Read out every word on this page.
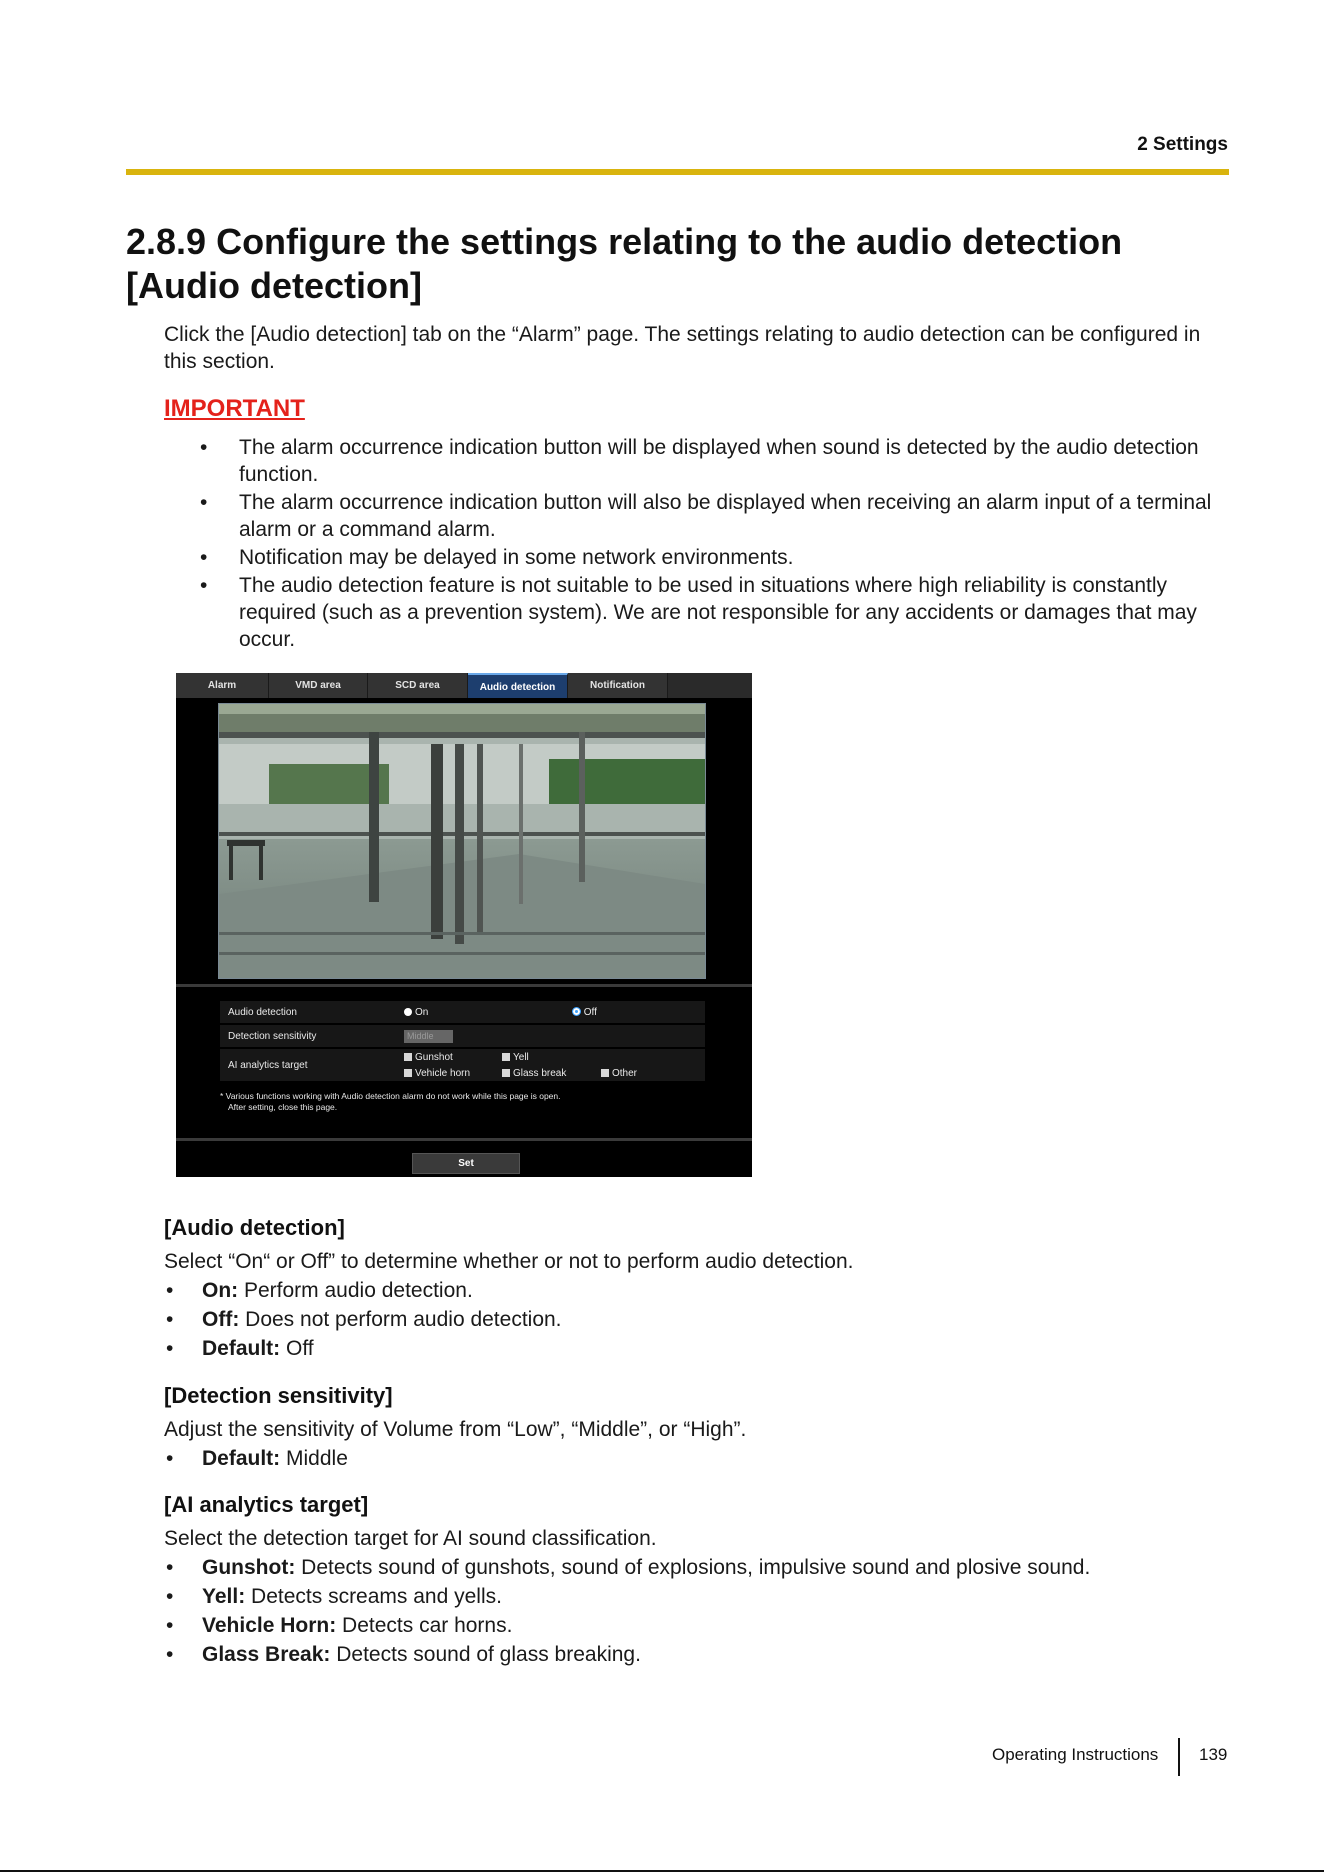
2 Settings
2.8.9 Configure the settings relating to the audio detection [Audio detection]

Click the [Audio detection] tab on the “Alarm” page. The settings relating to audio detection can be configured in this section.

IMPORTANT

• The alarm occurrence indication button will be displayed when sound is detected by the audio detection function.
• The alarm occurrence indication button will also be displayed when receiving an alarm input of a terminal alarm or a command alarm.
• Notification may be delayed in some network environments.
• The audio detection feature is not suitable to be used in situations where high reliability is constantly required (such as a prevention system). We are not responsible for any accidents or damages that may occur.
Alarm	VMD area	SCD area	Audio detection	Notification
Audio detection	On Off
Detection sensitivity	Middle
AI analytics target	Gunshot Yell
Vehicle horn Glass break Other

* Various functions working with Audio detection alarm do not work while this page is open.
After setting, close this page.

Set
[Audio detection]

Select “On“ or Off” to determine whether or not to perform audio detection.

• On: Perform audio detection.
• Off: Does not perform audio detection.
• Default: Off
[Detection sensitivity]

Adjust the sensitivity of Volume from “Low”, “Middle”, or “High”.

• Default: Middle
[AI analytics target]

Select the detection target for AI sound classification.

• Gunshot: Detects sound of gunshots, sound of explosions, impulsive sound and plosive sound.
• Yell: Detects screams and yells.
• Vehicle Horn: Detects car horns.
• Glass Break: Detects sound of glass breaking.
Operating Instructions 139
